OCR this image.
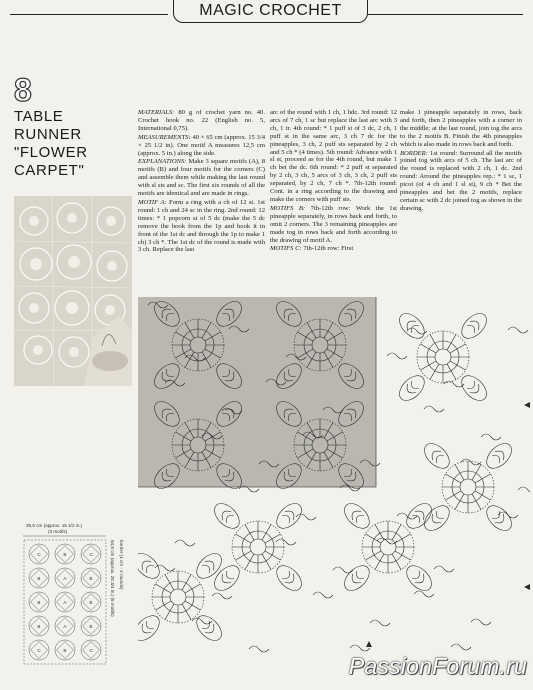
MAGIC CROCHET
8
TABLE
RUNNER
"FLOWER
CARPET"

MATERIALS: 80 g of crochet yarn no. 40. Crochet hook no. 22 (English no. 5, International 0,75).

MEASUREMENTS: 40 × 65 cm (approx. 15 3/4 × 25 1/2 in). One motif A measures 12,5 cm (approx. 5 in.) along the side.

EXPLANATIONS: Make 3 square motifs (A), 8 motifs (B) and four motifs for the corners (C) and assemble them while making the last round with sl sts and sc. The first six rounds of all the motifs are identical and are made in rings.

MOTIF A: Form a ring with a ch of 12 st. 1st round: 1 ch and 24 sc in the ring. 2nd round: 12 times: * 1 popcorn st of 5 dc (make the 5 dc remove the hook from the 1p and hook it in front of the 1st dc and through the 1p to make 1 ch) 3 ch *. The 1st dc of the round is made with 3 ch. Replace the last

arc of the round with 1 ch, 1 hdc. 3rd round: 12 arcs of 7 ch, 1 sc but replace the last arc with 3 ch, 1 tr. 4th round: * 1 puff st of 3 dc, 2 ch, 1 puff st in the same arc, 3 ch 7 dc for the pineapples, 3 ch, 2 puff sts separated by 2 ch and 5 ch * (4 times). 5th round: Advance with 1 sl st, proceed as for the 4th round, but make 1 ch bet the dc. 6th round: * 2 puff st separated by 2 ch, 3 ch, 5 arcs of 3 ch, 3 ch, 2 puff sts separated, by 2 ch, 7 ch *. 7th-12th round: Cont. in a ring according to the drawing and make the corners with puff sts.

MOTIFS B: 7th-12th row: Work the 1st pineapple separately, in rows back and forth, to omit 2 corners. The 3 remaining pineapples are made tog in rows back and forth according to the drawing of motif A.

MOTIFS C: 7th-12th row: First

make 1 pineapple separately in rows, back and forth, then 2 pineapples with a corner in the middle; at the last round, join tog the arcs to the 2 motifs B. Finish the 4th pineapples which is also made in rows back and forth.

BORDER: 1st round: Surround all the motifs joined tog with arcs of 5 ch. The last arc of the round is replaced with 2 ch, 1 dc. 2nd round: Around the pineapples rep.: * 1 sc, 1 picot (of 4 ch and 1 sl st), 9 ch * Bet the pineapples and bet the 2 motifs, replace certain sc with 2 dc joined tog as shown in the drawing.

39,5 cm (approx. 15 1/2 in.)
(3 motifs)
C	B	C
B	A	B
B	A	B
B	A	B
C	B	C
64,5 cm (approx. 25 3/4 in.) (5 motifs) border (1 cm - 2 rounds)
PassionForum.ru
